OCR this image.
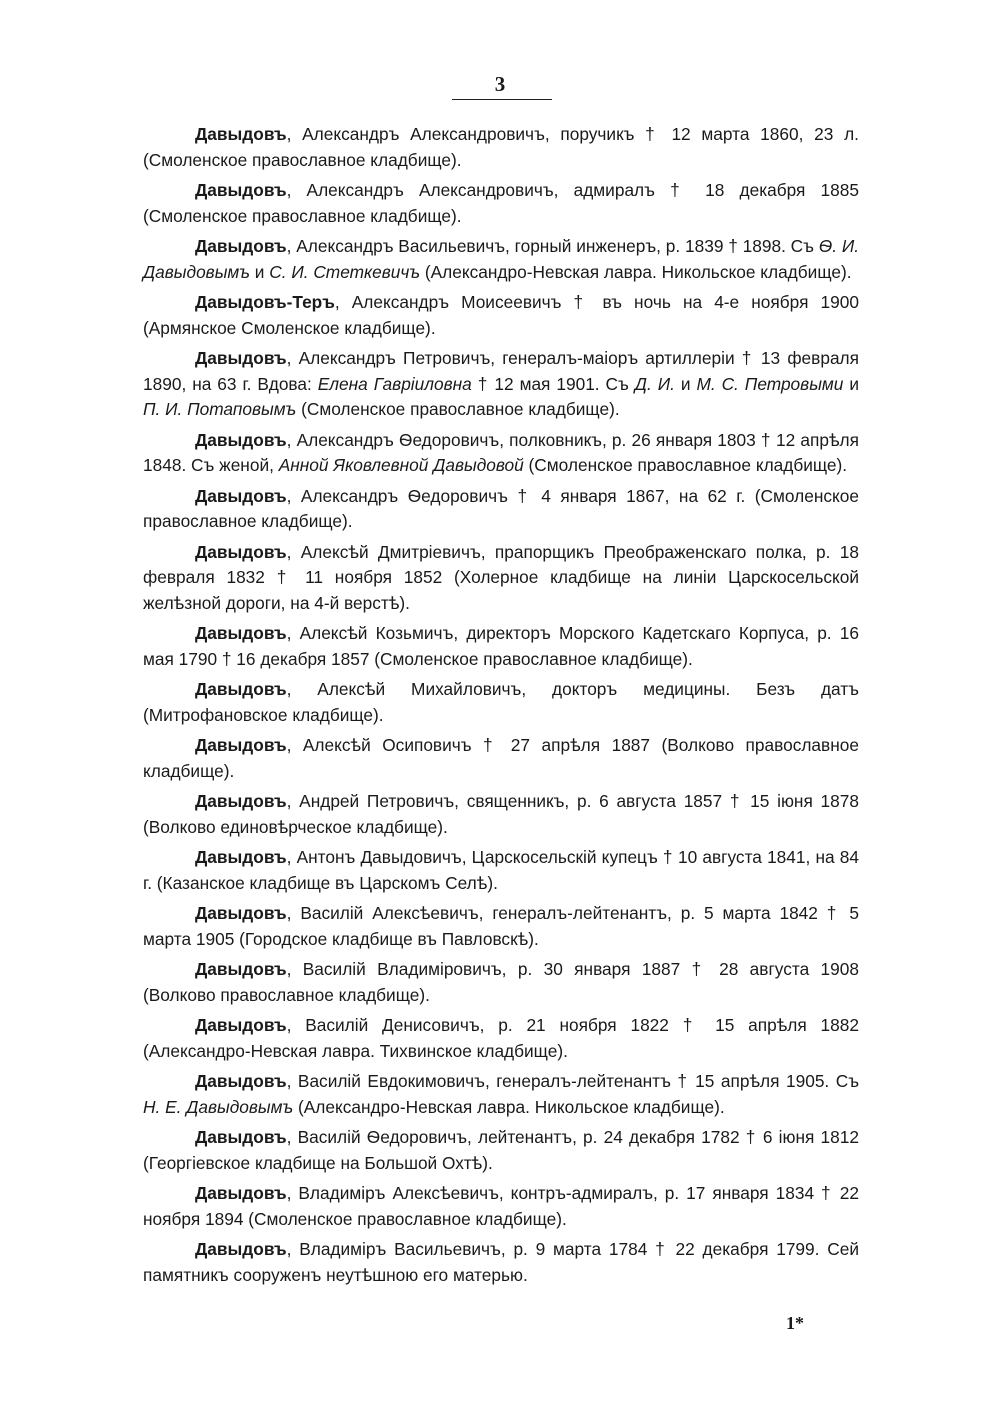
3

Давыдовъ, Александръ Александровичъ, поручикъ † 12 марта 1860, 23 л. (Смоленское православное кладбище).

Давыдовъ, Александръ Александровичъ, адмиралъ † 18 декабря 1885 (Смоленское православное кладбище).

Давыдовъ, Александръ Васильевичъ, горный инженеръ, р. 1839 † 1898. Съ Ѳ. И. Давыдовымъ и С. И. Стеткевичъ (Александро-Невская лавра. Никольское кладбище).

Давыдовъ-Теръ, Александръ Моисеевичъ † въ ночь на 4-е ноября 1900 (Армянское Смоленское кладбище).

Давыдовъ, Александръ Петровичъ, генералъ-маіоръ артиллеріи † 13 февраля 1890, на 63 г. Вдова: Елена Гавріиловна † 12 мая 1901. Съ Д. И. и М. С. Петровыми и П. И. Потаповымъ (Смоленское православное кладбище).

Давыдовъ, Александръ Ѳедоровичъ, полковникъ, р. 26 января 1803 † 12 апрѣля 1848. Съ женой, Анной Яковлевной Давыдовой (Смоленское православное кладбище).

Давыдовъ, Александръ Ѳедоровичъ † 4 января 1867, на 62 г. (Смоленское православное кладбище).

Давыдовъ, Алексѣй Дмитріевичъ, прапорщикъ Преображенскаго полка, р. 18 февраля 1832 † 11 ноября 1852 (Холерное кладбище на линіи Царскосельской желѣзной дороги, на 4-й верстѣ).

Давыдовъ, Алексѣй Козьмичъ, директоръ Морского Кадетскаго Корпуса, р. 16 мая 1790 † 16 декабря 1857 (Смоленское православное кладбище).

Давыдовъ, Алексѣй Михайловичъ, докторъ медицины. Безъ датъ (Митрофановское кладбище).

Давыдовъ, Алексѣй Осиповичъ † 27 апрѣля 1887 (Волково православное кладбище).

Давыдовъ, Андрей Петровичъ, священникъ, р. 6 августа 1857 † 15 іюня 1878 (Волково единовѣрческое кладбище).

Давыдовъ, Антонъ Давыдовичъ, Царскосельскій купецъ † 10 августа 1841, на 84 г. (Казанское кладбище въ Царскомъ Селѣ).

Давыдовъ, Василій Алексѣевичъ, генералъ-лейтенантъ, р. 5 марта 1842 † 5 марта 1905 (Городское кладбище въ Павловскѣ).

Давыдовъ, Василій Владиміровичъ, р. 30 января 1887 † 28 августа 1908 (Волково православное кладбище).

Давыдовъ, Василій Денисовичъ, р. 21 ноября 1822 † 15 апрѣля 1882 (Александро-Невская лавра. Тихвинское кладбище).

Давыдовъ, Василій Евдокимовичъ, генералъ-лейтенантъ † 15 апрѣля 1905. Съ Н. Е. Давыдовымъ (Александро-Невская лавра. Никольское кладбище).

Давыдовъ, Василій Ѳедоровичъ, лейтенантъ, р. 24 декабря 1782 † 6 іюня 1812 (Георгіевское кладбище на Большой Охтѣ).

Давыдовъ, Владиміръ Алексѣевичъ, контръ-адмиралъ, р. 17 января 1834 † 22 ноября 1894 (Смоленское православное кладбище).

Давыдовъ, Владиміръ Васильевичъ, р. 9 марта 1784 † 22 декабря 1799. Сей памятникъ сооруженъ неутѣшною его матерью.

1*
